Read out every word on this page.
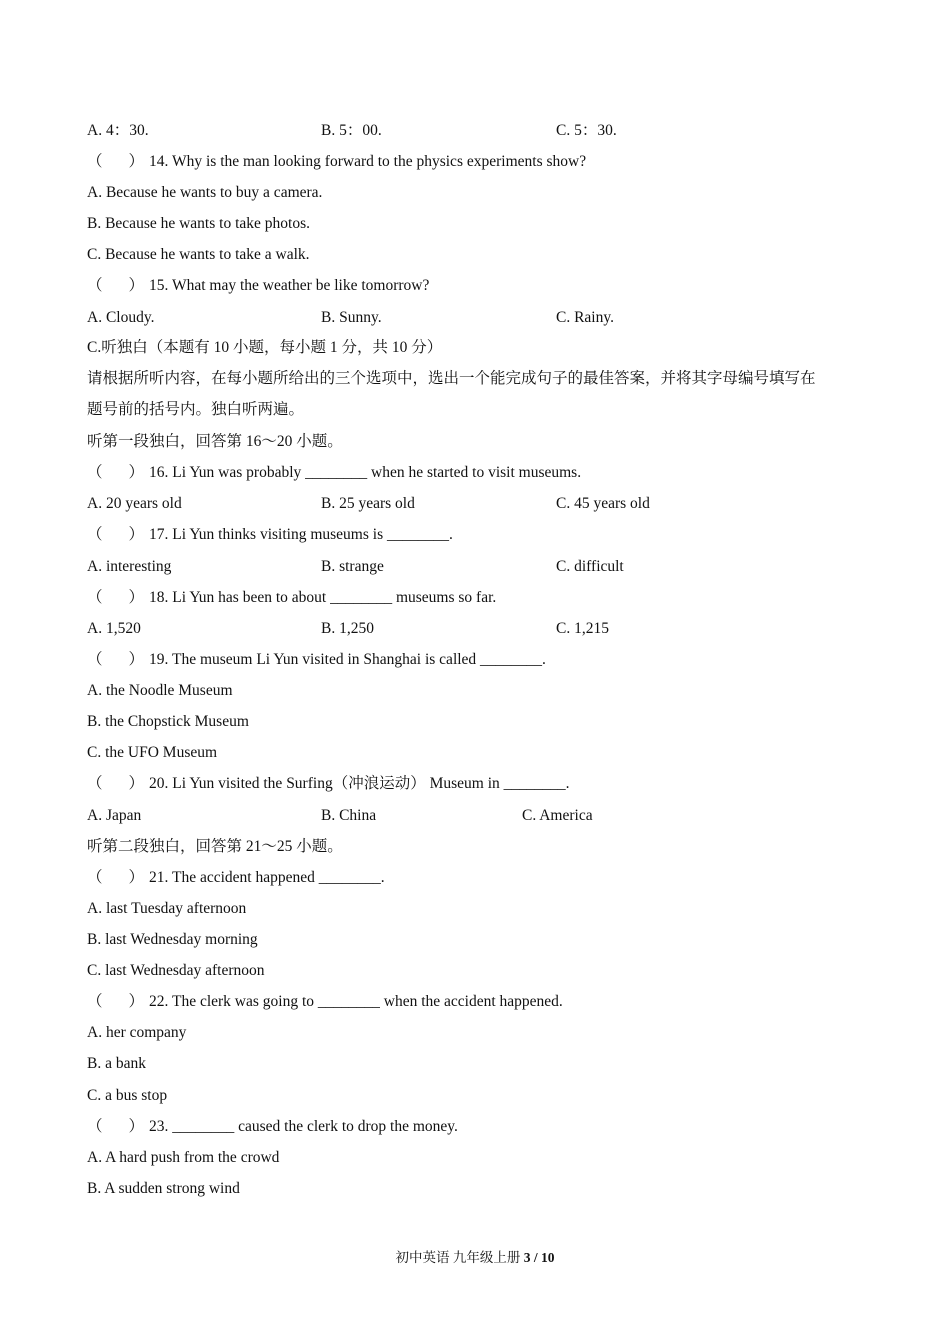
A. 4：30.	B. 5：00.	C. 5：30.
（ ） 14. Why is the man looking forward to the physics experiments show?
A. Because he wants to buy a camera.
B. Because he wants to take photos.
C. Because he wants to take a walk.
（ ） 15. What may the weather be like tomorrow?
A. Cloudy.	B. Sunny.	C. Rainy.
C.听独白（本题有 10 小题，每小题 1 分，共 10 分）
请根据所听内容，在每小题所给出的三个选项中，选出一个能完成句子的最佳答案，并将其字母编号填写在
题号前的括号内。独白听两遍。
听第一段独白，回答第 16～20 小题。
（ ） 16. Li Yun was probably ________ when he started to visit museums.
A. 20 years old	B. 25 years old	C. 45 years old
（ ） 17. Li Yun thinks visiting museums is ________.
A. interesting	B. strange	C. difficult
（ ） 18. Li Yun has been to about ________ museums so far.
A. 1,520	B. 1,250	C. 1,215
（ ） 19. The museum Li Yun visited in Shanghai is called ________.
A. the Noodle Museum
B. the Chopstick Museum
C. the UFO Museum
（ ） 20. Li Yun visited the Surfing（冲浪运动） Museum in ________.
A. Japan	B. China	C. America
听第二段独白，回答第 21～25 小题。
（ ） 21. The accident happened ________.
A. last Tuesday afternoon
B. last Wednesday morning
C. last Wednesday afternoon
（ ） 22. The clerk was going to ________ when the accident happened.
A. her company
B. a bank
C. a bus stop
（ ） 23. ________ caused the clerk to drop the money.
A. A hard push from the crowd
B. A sudden strong wind
初中英语 九年级上册 3 / 10
